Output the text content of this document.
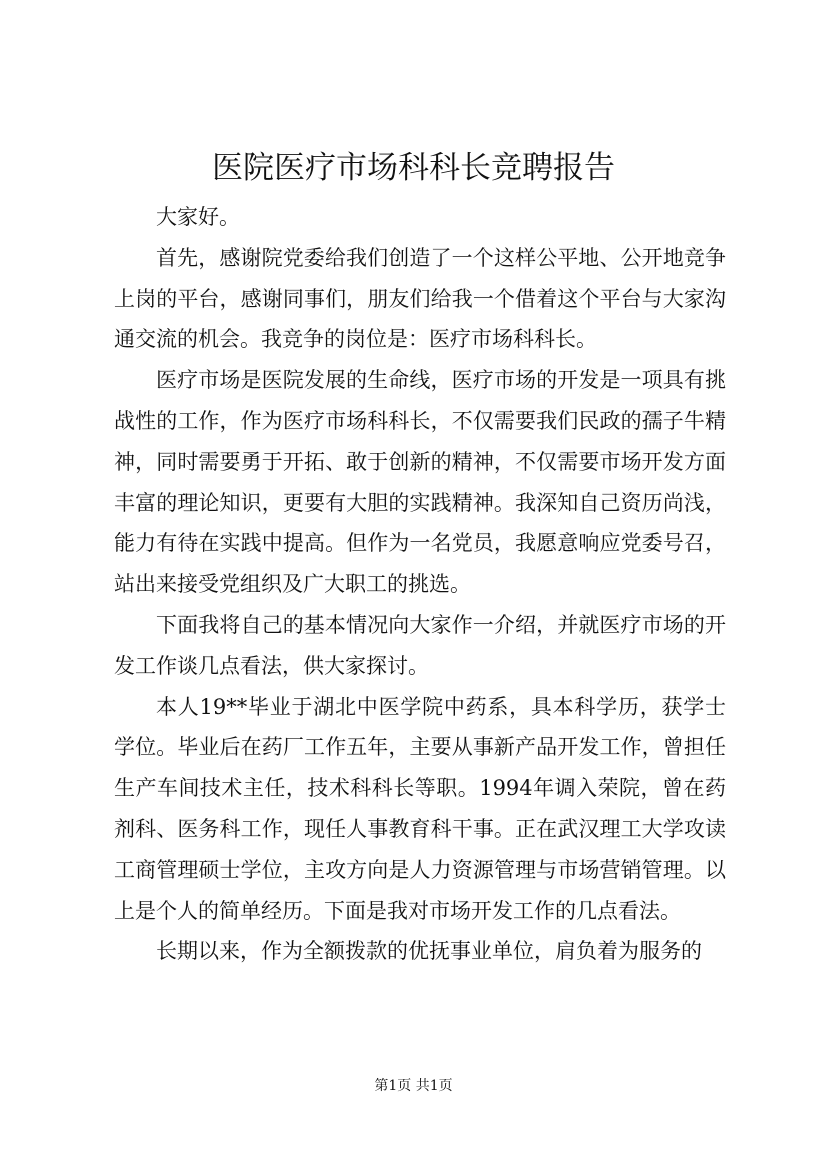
医院医疗市场科科长竞聘报告

大家好。

首先，感谢院党委给我们创造了一个这样公平地、公开地竞争上岗的平台，感谢同事们，朋友们给我一个借着这个平台与大家沟通交流的机会。我竞争的岗位是：医疗市场科科长。

医疗市场是医院发展的生命线，医疗市场的开发是一项具有挑战性的工作，作为医疗市场科科长，不仅需要我们民政的孺子牛精神，同时需要勇于开拓、敢于创新的精神，不仅需要市场开发方面丰富的理论知识，更要有大胆的实践精神。我深知自己资历尚浅，能力有待在实践中提高。但作为一名党员，我愿意响应党委号召，站出来接受党组织及广大职工的挑选。

下面我将自己的基本情况向大家作一介绍，并就医疗市场的开发工作谈几点看法，供大家探讨。

本人19**毕业于湖北中医学院中药系，具本科学历，获学士学位。毕业后在药厂工作五年，主要从事新产品开发工作，曾担任生产车间技术主任，技术科科长等职。1994年调入荣院，曾在药剂科、医务科工作，现任人事教育科干事。正在武汉理工大学攻读工商管理硕士学位，主攻方向是人力资源管理与市场营销管理。以上是个人的简单经历。下面是我对市场开发工作的几点看法。

长期以来，作为全额拨款的优抚事业单位，肩负着为服务的

第1页 共1页
